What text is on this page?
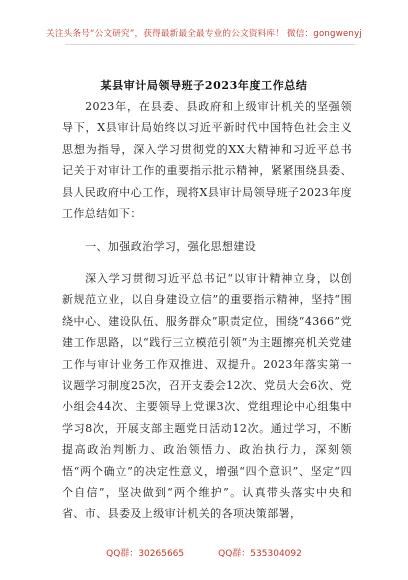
关注头条号“公文研究”，获得最新最全最专业的公文资料库！ 微信：gongwenyj
某县审计局领导班子2023年度工作总结

2023年，在县委、县政府和上级审计机关的坚强领导下，X县审计局始终以习近平新时代中国特色社会主义思想为指导，深入学习贯彻党的XX大精神和习近平总书记关于对审计工作的重要指示批示精神，紧紧围绕县委、县人民政府中心工作，现将X县审计局领导班子2023年度工作总结如下：

一、加强政治学习，强化思想建设

深入学习贯彻习近平总书记“以审计精神立身，以创新规范立业，以自身建设立信”的重要指示精神，坚持“围绕中心、建设队伍、服务群众”职责定位，围绕“4366”党建工作思路，以“践行三立模范引领”为主题擦亮机关党建工作与审计业务工作双推进、双提升。2023年落实第一议题学习制度25次，召开支委会12次、党员大会6次、党小组会44次、主要领导上党课3次、党组理论中心组集中学习8次，开展支部主题党日活动12次。通过学习，不断提高政治判断力、政治领悟力、政治执行力，深刻领悟“两个确立”的决定性意义，增强“四个意识”、坚定“四个自信”，坚决做到“两个维护”。认真带头落实中央和省、市、县委及上级审计机关的各项决策部署，

QQ群：30265665	QQ群：535304092
